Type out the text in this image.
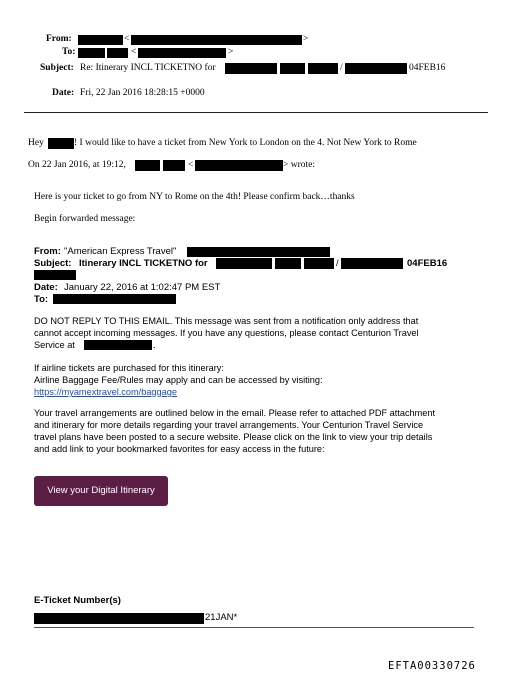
From:	<	>
To:	<	>
Subject: Re: Itinerary INCL TICKETNO for	/	04FEB16
Date: Fri, 22 Jan 2016 18:28:15 +0000
Hey	! I would like to have a ticket from New York to London on the 4. Not New York to Rome
On 22 Jan 2016, at 19:12,	<	> wrote:
Here is your ticket to go from NY to Rome on the 4th! Please confirm back…thanks
Begin forwarded message:
From: "American Express Travel"
Subject: Itinerary INCL TICKETNO for	/	04FEB16
Date: January 22, 2016 at 1:02:47 PM EST
To:
DO NOT REPLY TO THIS EMAIL. This message was sent from a notification only address that
cannot accept incoming messages. If you have any questions, please contact Centurion Travel
Service at	.
If airline tickets are purchased for this itinerary:
Airline Baggage Fee/Rules may apply and can be accessed by visiting:
https://myamextravel.com/baggage
Your travel arrangements are outlined below in the email. Please refer to attached PDF attachment
and itinerary for more details regarding your travel arrangements. Your Centurion Travel Service
travel plans have been posted to a secure website. Please click on the link to view your trip details
and add link to your bookmarked favorites for easy access in the future:
View your Digital Itinerary
E-Ticket Number(s)
21JAN*
EFTA00330726
